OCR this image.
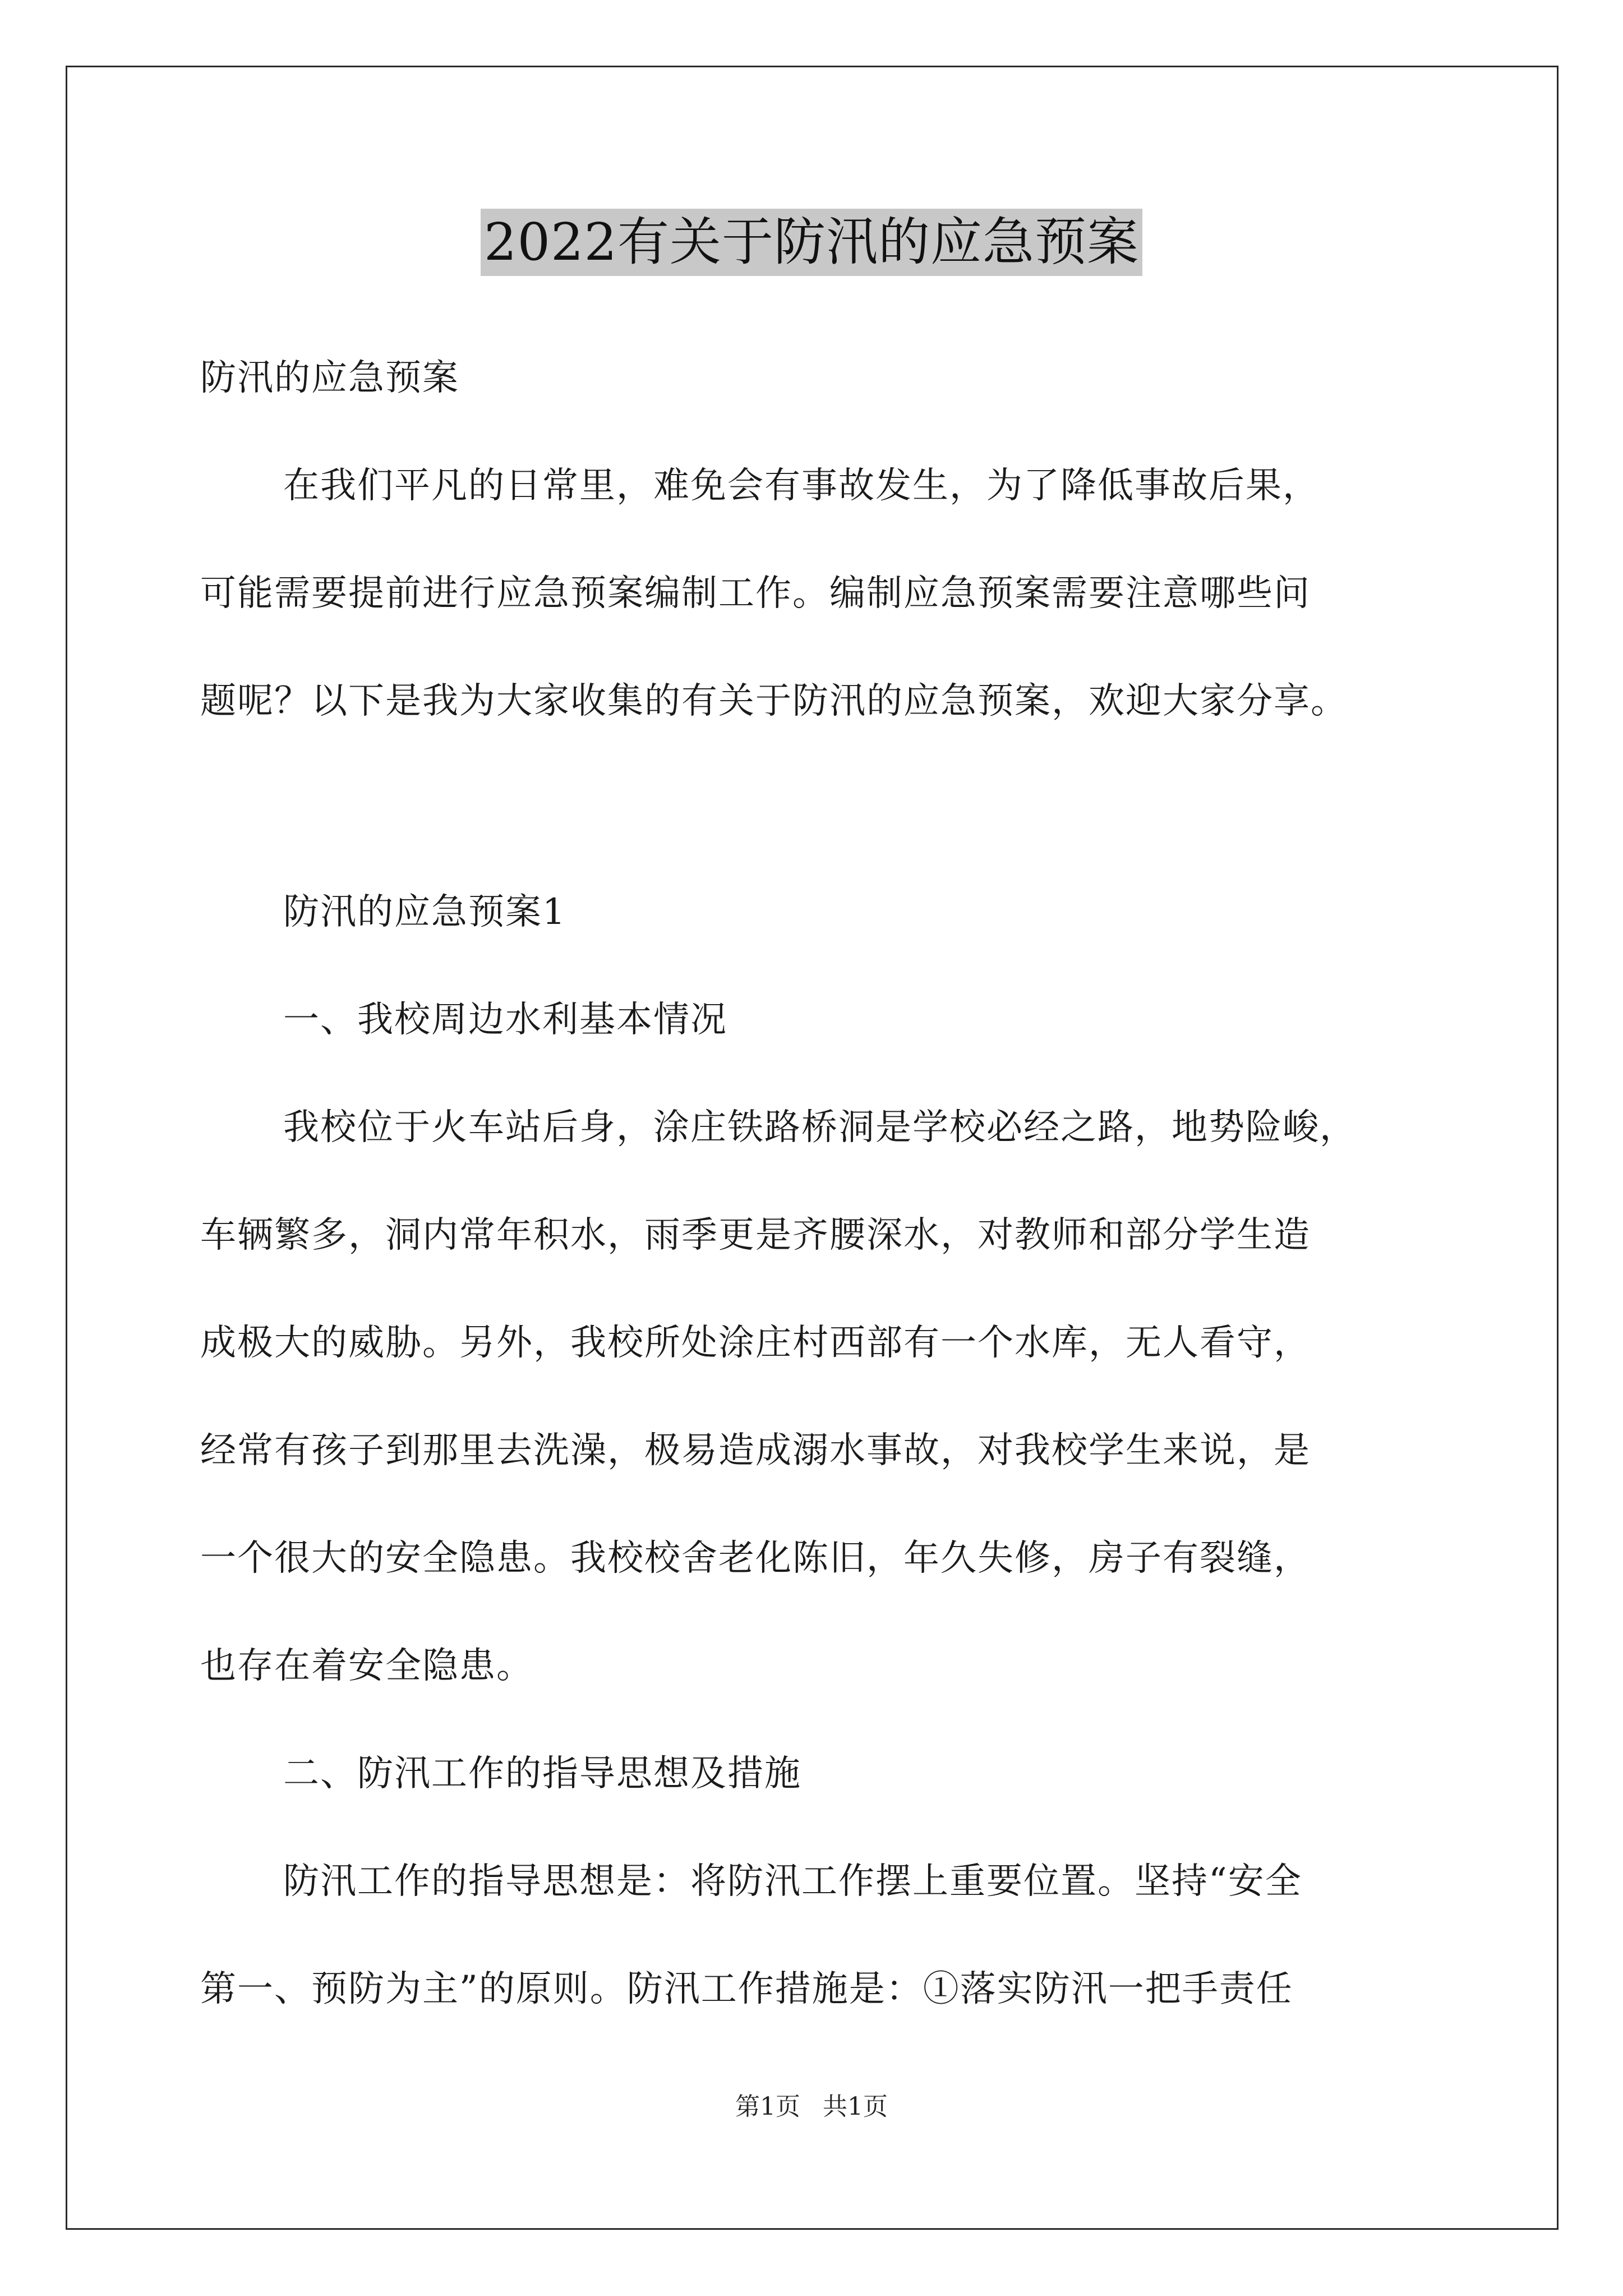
2022有关于防汛的应急预案
防汛的应急预案
在我们平凡的日常里，难免会有事故发生，为了降低事故后果，
可能需要提前进行应急预案编制工作。编制应急预案需要注意哪些问
题呢？以下是我为大家收集的有关于防汛的应急预案，欢迎大家分享。
防汛的应急预案1
一、我校周边水利基本情况
我校位于火车站后身，涂庄铁路桥洞是学校必经之路，地势险峻，
车辆繁多，洞内常年积水，雨季更是齐腰深水，对教师和部分学生造
成极大的威胁。另外，我校所处涂庄村西部有一个水库，无人看守，
经常有孩子到那里去洗澡，极易造成溺水事故，对我校学生来说，是
一个很大的安全隐患。我校校舍老化陈旧，年久失修，房子有裂缝，
也存在着安全隐患。
二、防汛工作的指导思想及措施
防汛工作的指导思想是：将防汛工作摆上重要位置。坚持“安全
第一、预防为主”的原则。防汛工作措施是：①落实防汛一把手责任
第1页 共1页
